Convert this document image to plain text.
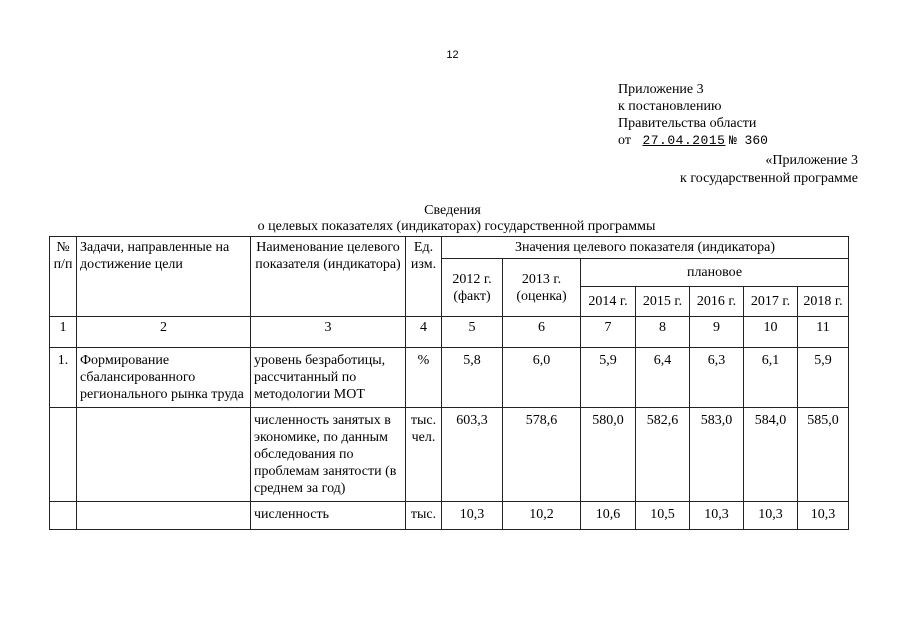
12
Приложение 3
к постановлению
Правительства области
от 27.04.2015 № 360
«Приложение 3
к государственной программе
Сведения
о целевых показателях (индикаторах) государственной программы
№ п/п	Задачи, направленные на достижение цели	Наименование целевого показателя (индикатора)	Ед. изм.	Значения целевого показателя (индикатора)						
				2012 г. (факт)	2013 г. (оценка)	плановое				
						2014 г.	2015 г.	2016 г.	2017 г.	2018 г.
1	2	3	4	5	6	7	8	9	10	11
1.	Формирование сбалансированного регионального рынка труда	уровень безработицы, рассчитанный по методологии МОТ	%	5,8	6,0	5,9	6,4	6,3	6,1	5,9
		численность занятых в экономике, по данным обследования по проблемам занятости (в среднем за год)	тыс. чел.	603,3	578,6	580,0	582,6	583,0	584,0	585,0
		численность	тыс.	10,3	10,2	10,6	10,5	10,3	10,3	10,3
